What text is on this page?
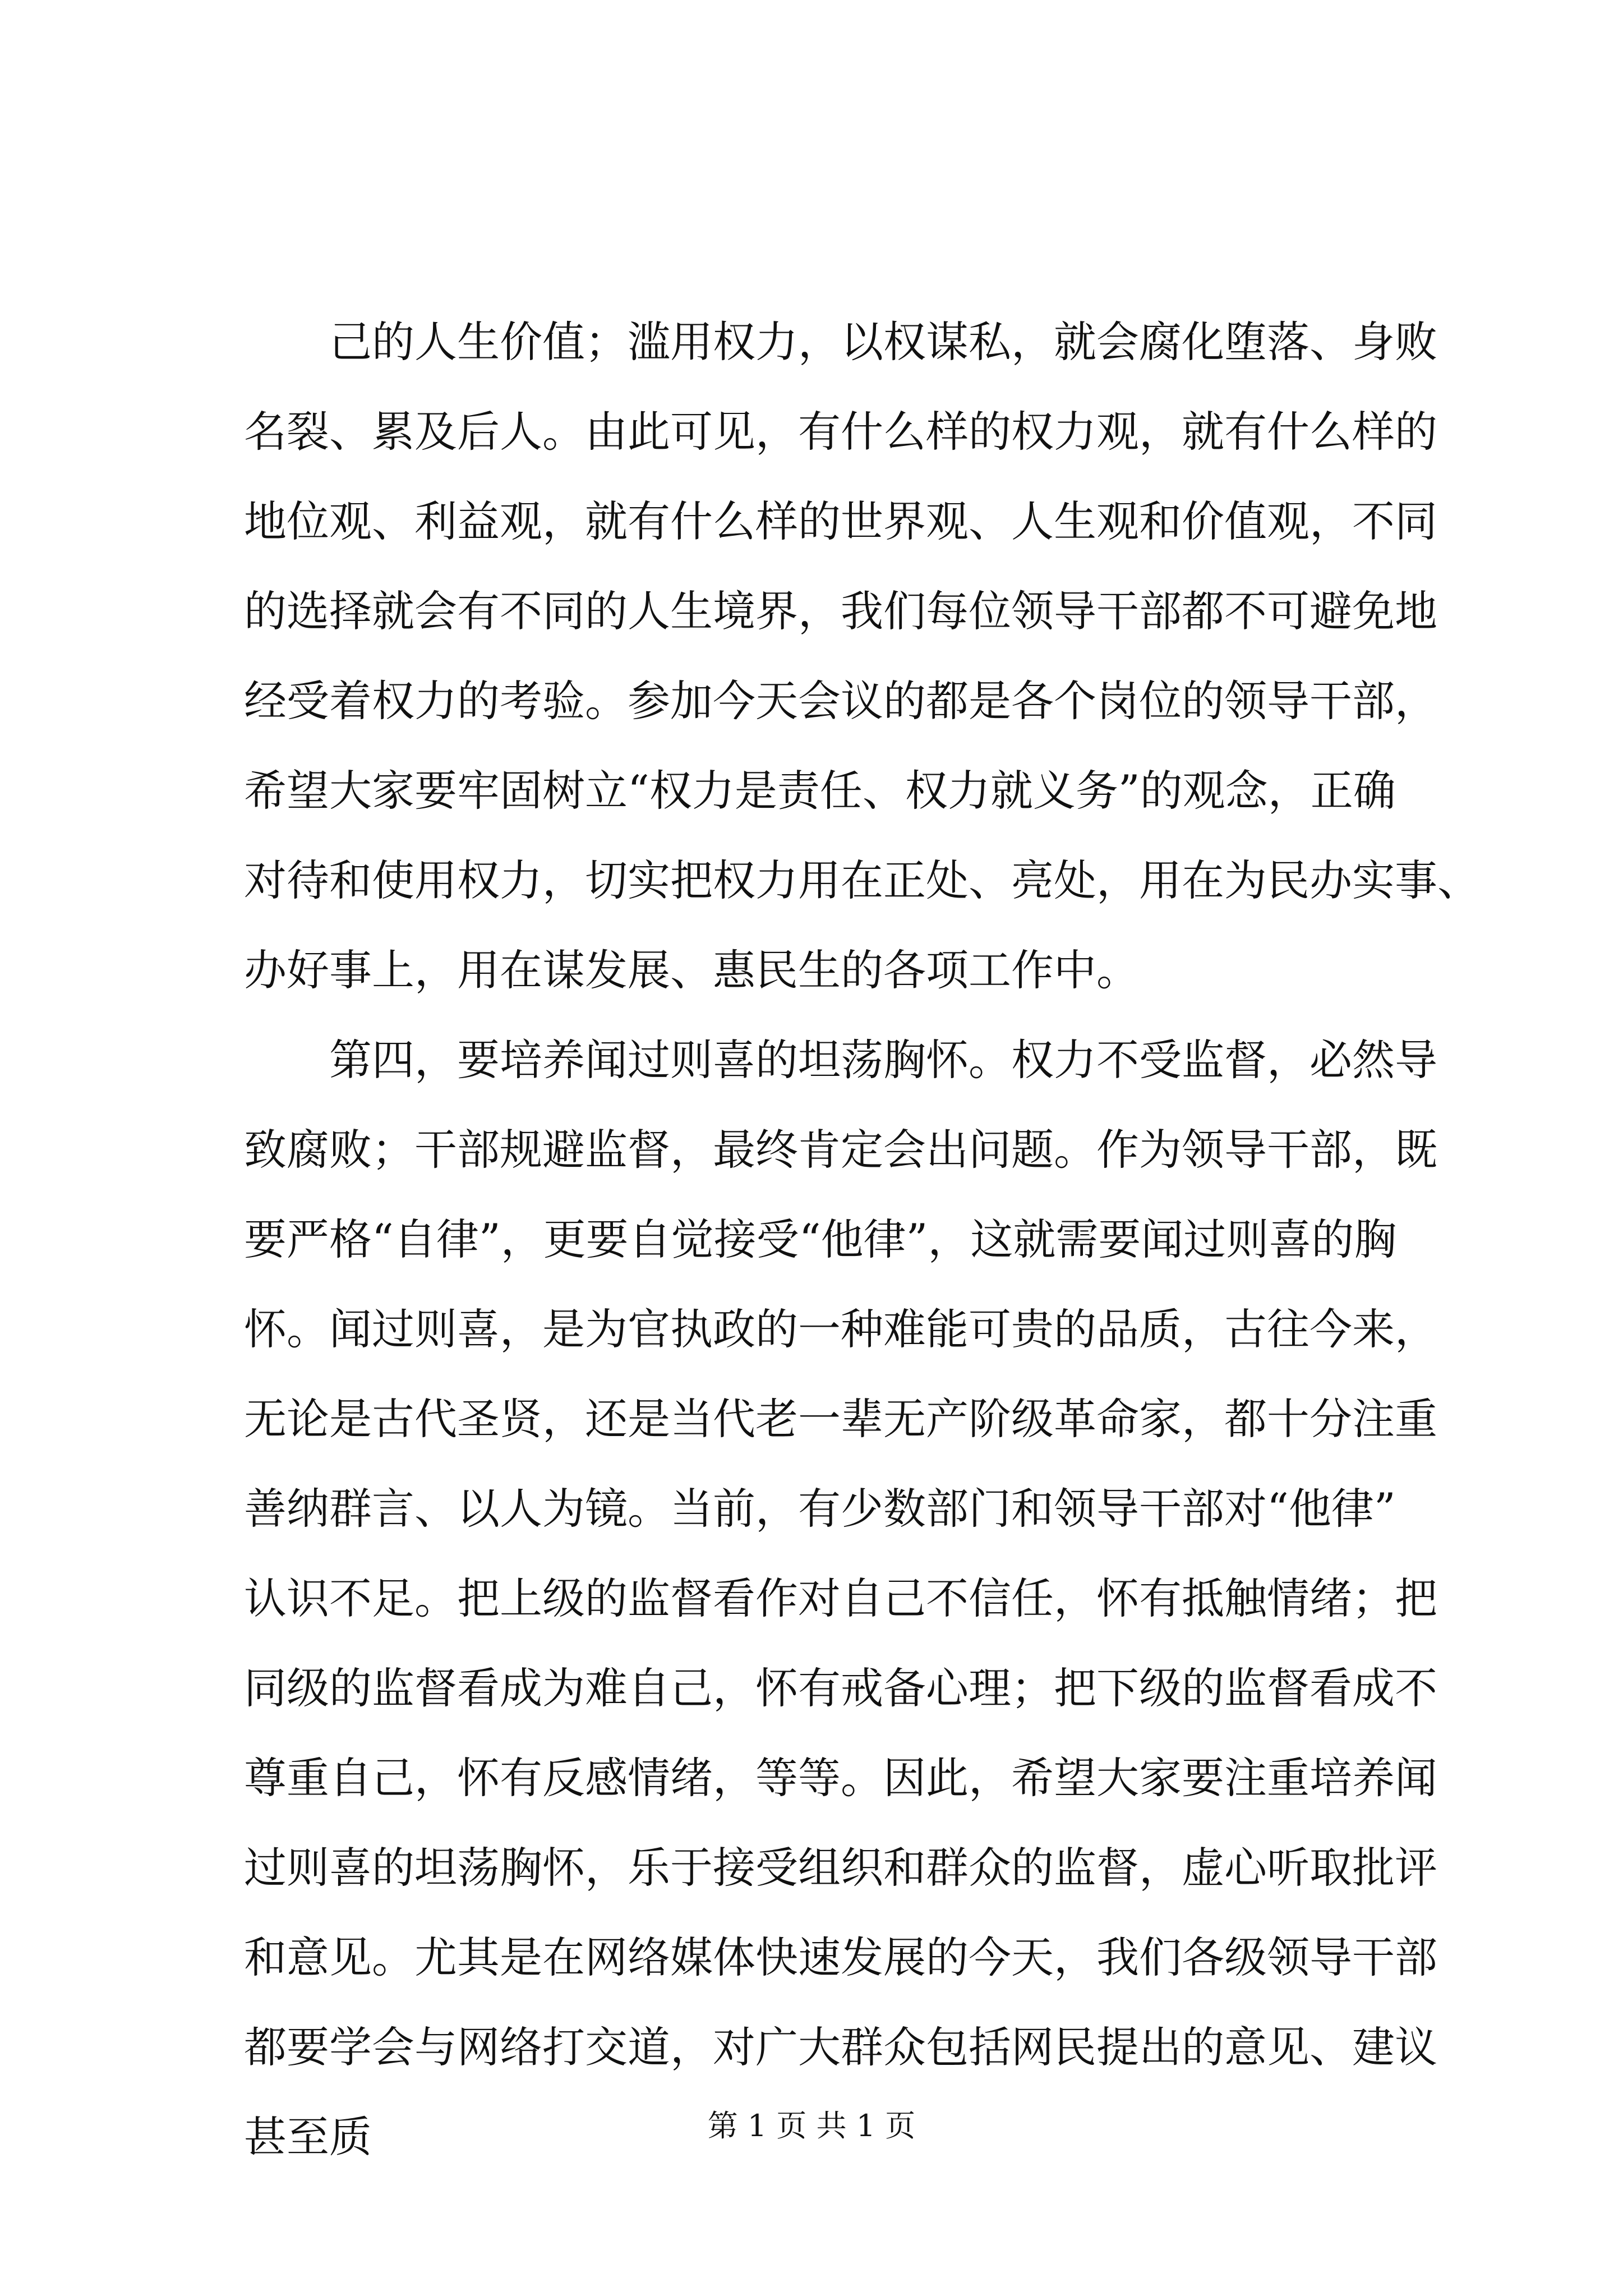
己的人生价值；滥用权力，以权谋私，就会腐化堕落、身败
名裂、累及后人。由此可见，有什么样的权力观，就有什么样的
地位观、利益观，就有什么样的世界观、人生观和价值观，不同
的选择就会有不同的人生境界，我们每位领导干部都不可避免地
经受着权力的考验。参加今天会议的都是各个岗位的领导干部，
希望大家要牢固树立“权力是责任、权力就义务”的观念，正确
对待和使用权力，切实把权力用在正处、亮处，用在为民办实事、
办好事上，用在谋发展、惠民生的各项工作中。
第四，要培养闻过则喜的坦荡胸怀。权力不受监督，必然导
致腐败；干部规避监督，最终肯定会出问题。作为领导干部，既
要严格“自律”，更要自觉接受“他律”，这就需要闻过则喜的胸
怀。闻过则喜，是为官执政的一种难能可贵的品质，古往今来，
无论是古代圣贤，还是当代老一辈无产阶级革命家，都十分注重
善纳群言、以人为镜。当前，有少数部门和领导干部对“他律”
认识不足。把上级的监督看作对自己不信任，怀有抵触情绪；把
同级的监督看成为难自己，怀有戒备心理；把下级的监督看成不
尊重自己，怀有反感情绪，等等。因此，希望大家要注重培养闻
过则喜的坦荡胸怀，乐于接受组织和群众的监督，虚心听取批评
和意见。尤其是在网络媒体快速发展的今天，我们各级领导干部
都要学会与网络打交道，对广大群众包括网民提出的意见、建议
甚至质	第 1 页 共 1 页
